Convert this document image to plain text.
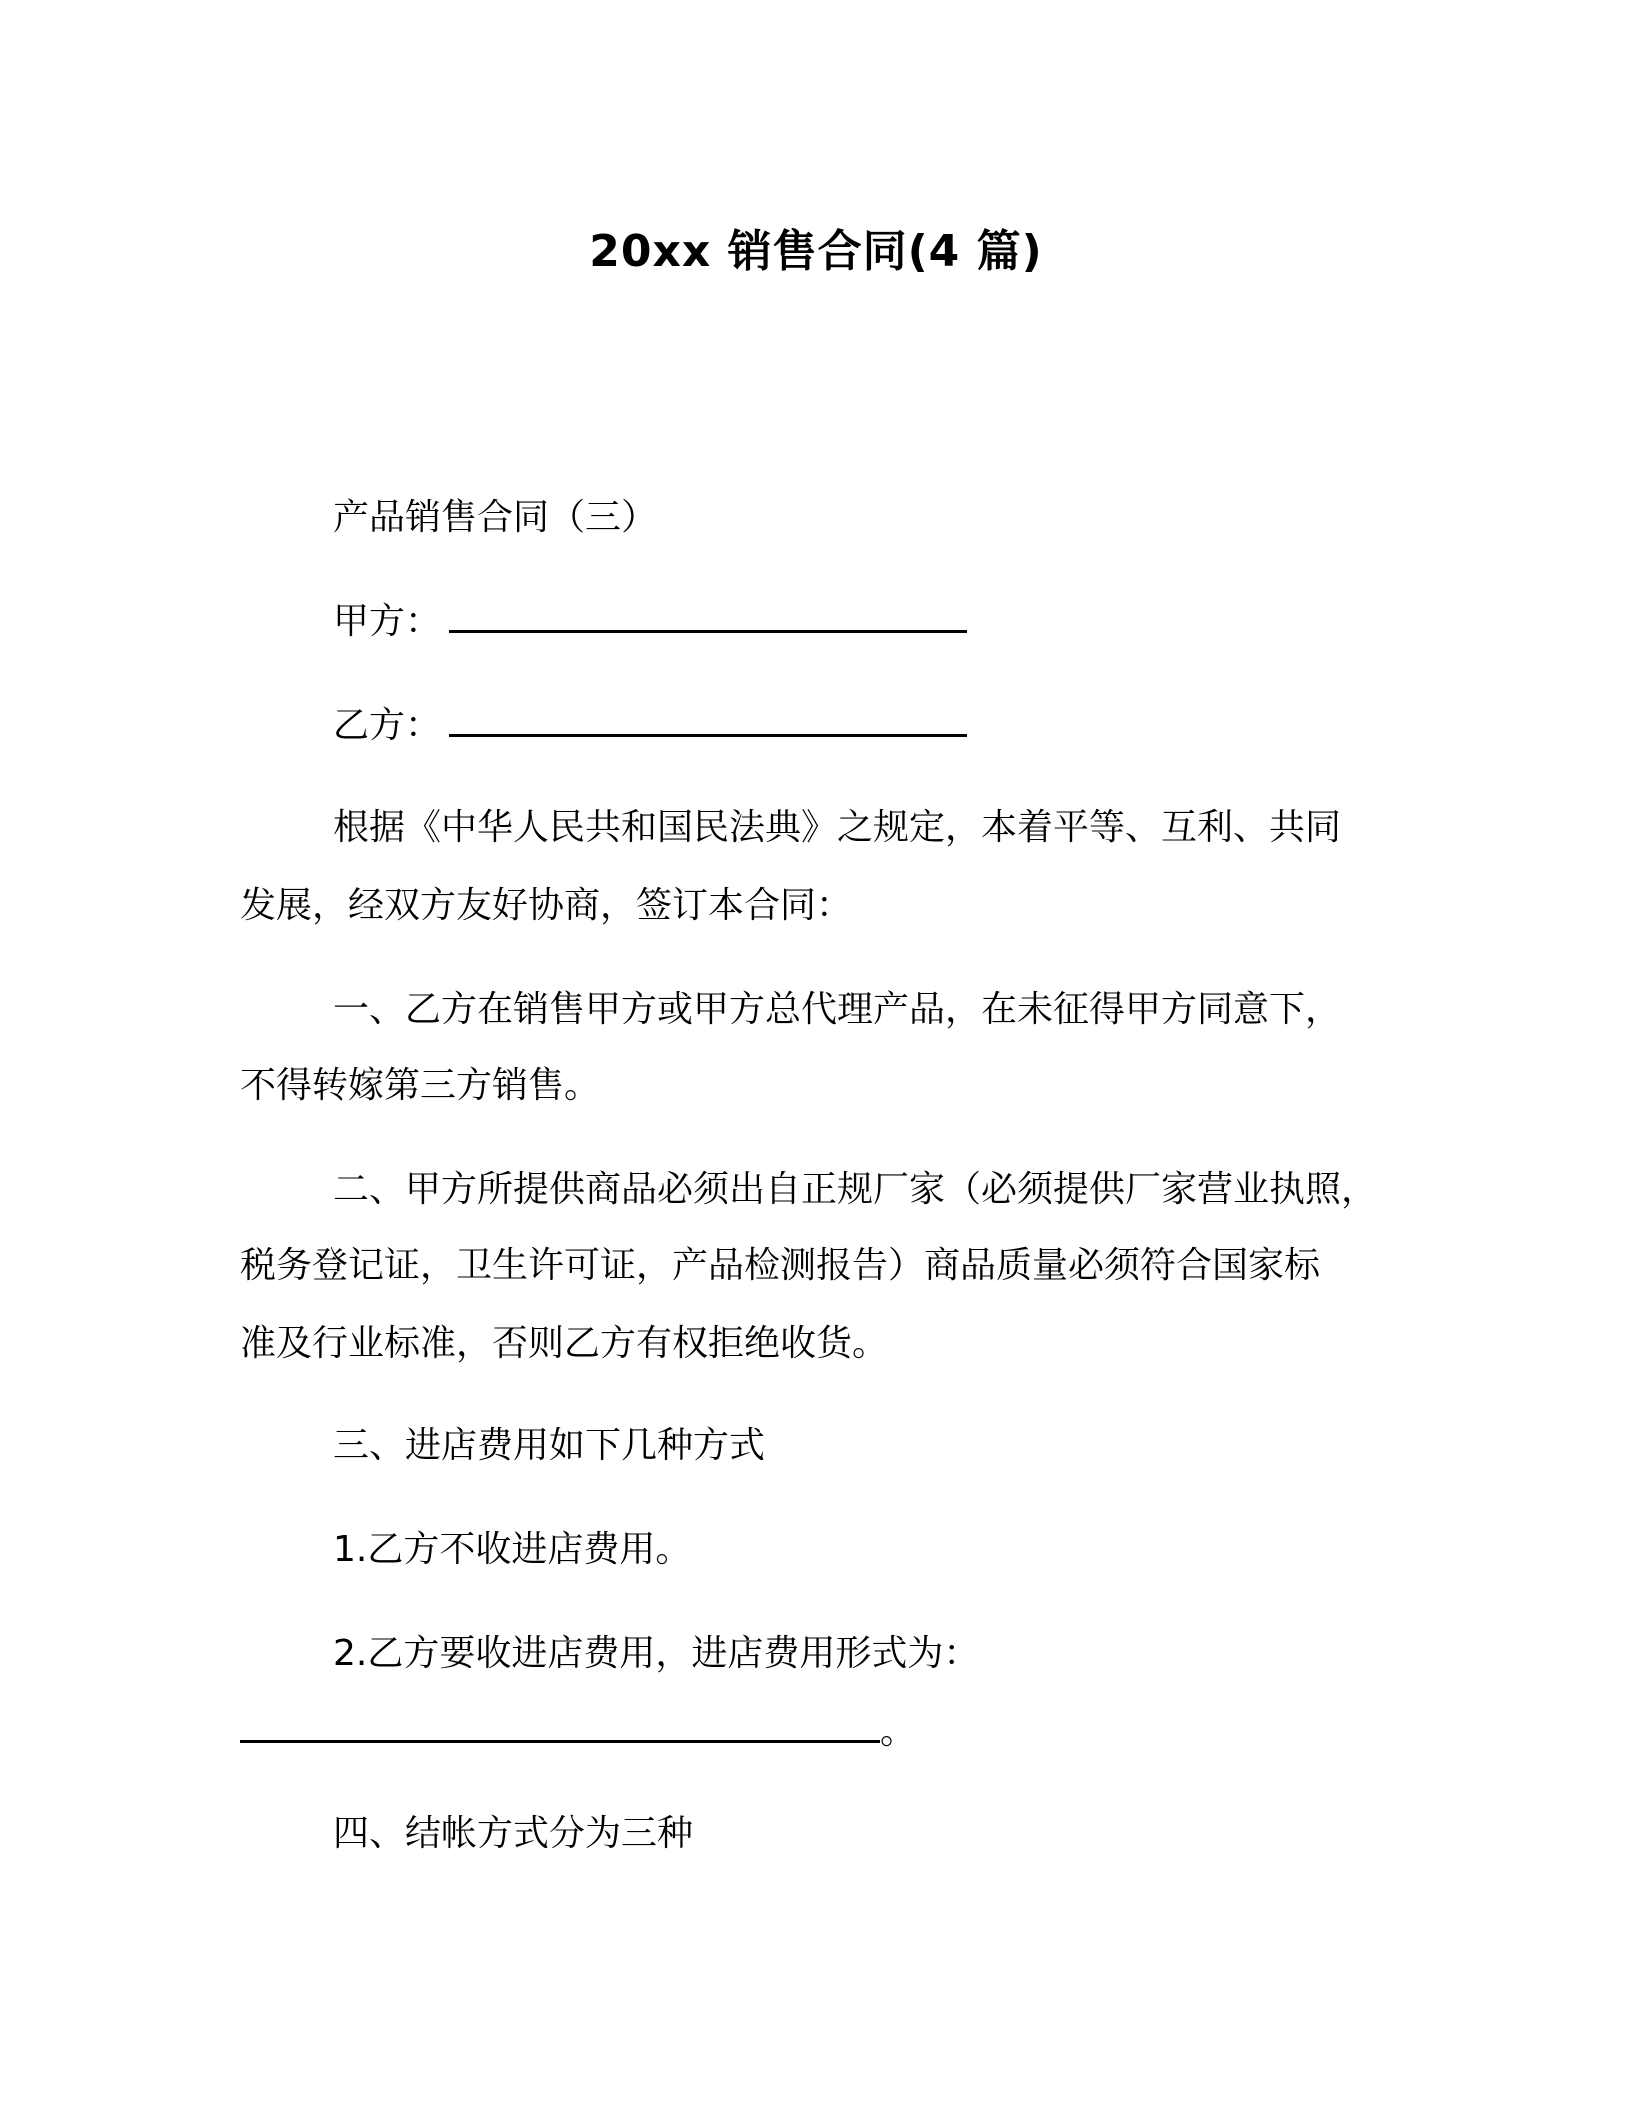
20xx 销售合同(4 篇)
产品销售合同（三）
甲方：
乙方：
根据《中华人民共和国民法典》之规定，本着平等、互利、共同
发展，经双方友好协商，签订本合同：
一、乙方在销售甲方或甲方总代理产品，在未征得甲方同意下，
不得转嫁第三方销售。
二、甲方所提供商品必须出自正规厂家（必须提供厂家营业执照，
税务登记证，卫生许可证，产品检测报告）商品质量必须符合国家标
准及行业标准，否则乙方有权拒绝收货。
三、进店费用如下几种方式
1.乙方不收进店费用。
2.乙方要收进店费用，进店费用形式为：
。
四、结帐方式分为三种
